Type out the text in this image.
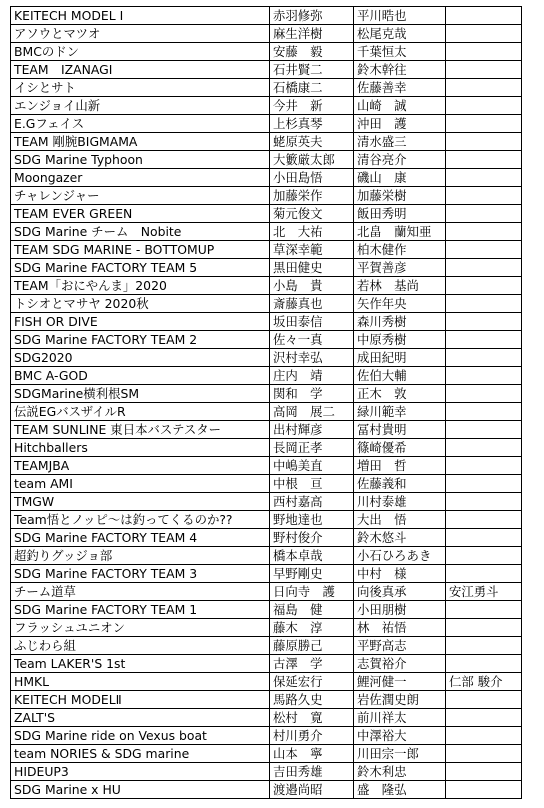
KEITECH MODEL Ⅰ	赤羽修弥	平川晧也	
アソウとマツオ	麻生洋樹	松尾克哉	
BMCのドン	安藤　毅	千葉恒太	
TEAM　IZANAGI	石井賢二	鈴木幹往	
イシとサト	石橋康二	佐藤善幸	
エンジョイ山新	今井　新	山崎　誠	
E.Gフェイス	上杉真琴	沖田　護	
TEAM 剛腕BIGMAMA	蛯原英夫	清水盛三	
SDG Marine Typhoon	大籔厳太郎	清谷亮介	
Moongazer	小田島悟	磯山　康	
チャレンジャー	加藤栄作	加藤栄樹	
TEAM EVER GREEN	菊元俊文	飯田秀明	
SDG Marine チーム　Nobite	北　大祐	北畠　蘭知亜	
TEAM SDG MARINE - BOTTOMUP	草深幸範	柏木健作	
SDG Marine FACTORY TEAM 5	黒田健史	平賀善彦	
TEAM「おにやんま」2020	小島　貴	若林　基尚	
トシオとマサヤ 2020秋	斎藤真也	矢作年央	
FISH OR DIVE	坂田泰信	森川秀樹	
SDG Marine FACTORY TEAM 2	佐々一真	中原秀樹	
SDG2020	沢村幸弘	成田紀明	
BMC A-GOD	庄内　靖	佐伯大輔	
SDGMarine横利根SM	関和　学	正木　敦	
伝説EGバスザイルR	高岡　展二	緑川範幸	
TEAM SUNLINE 東日本バステスター	出村輝彦	冨村貴明	
Hitchballers	長岡正孝	篠崎優希	
TEAMJBA	中嶋美直	増田　哲	
team AMI	中根　亘	佐藤義和	
TMGW	西村嘉高	川村泰雄	
Team悟とノッピ～は釣ってくるのか??	野地達也	大出　悟	
SDG Marine FACTORY TEAM 4	野村俊介	鈴木悠斗	
超釣りグッジョ部	橋本卓哉	小石ひろあき	
SDG Marine FACTORY TEAM 3	早野剛史	中村　様	
チーム道草	日向寺　護	向後真承	安江勇斗
SDG Marine FACTORY TEAM 1	福島　健	小田朋樹	
フラッシュユニオン	藤木　淳	林　祐悟	
ふじわら組	藤原勝己	平野高志	
Team LAKER'S 1st	古澤　学	志賀裕介	
HMKL	保延宏行	鯉河健一	仁部 駿介
KEITECH MODELⅡ	馬路久史	岩佐潤史朗	
ZALT'S	松村　寛	前川祥太	
SDG Marine ride on Vexus boat	村川勇介	中澤裕大	
team NORIES & SDG marine	山本　寧	川田宗一郎	
HIDEUP3	吉田秀雄	鈴木利忠	
SDG Marine x HU	渡邉尚昭	盛　隆弘	
